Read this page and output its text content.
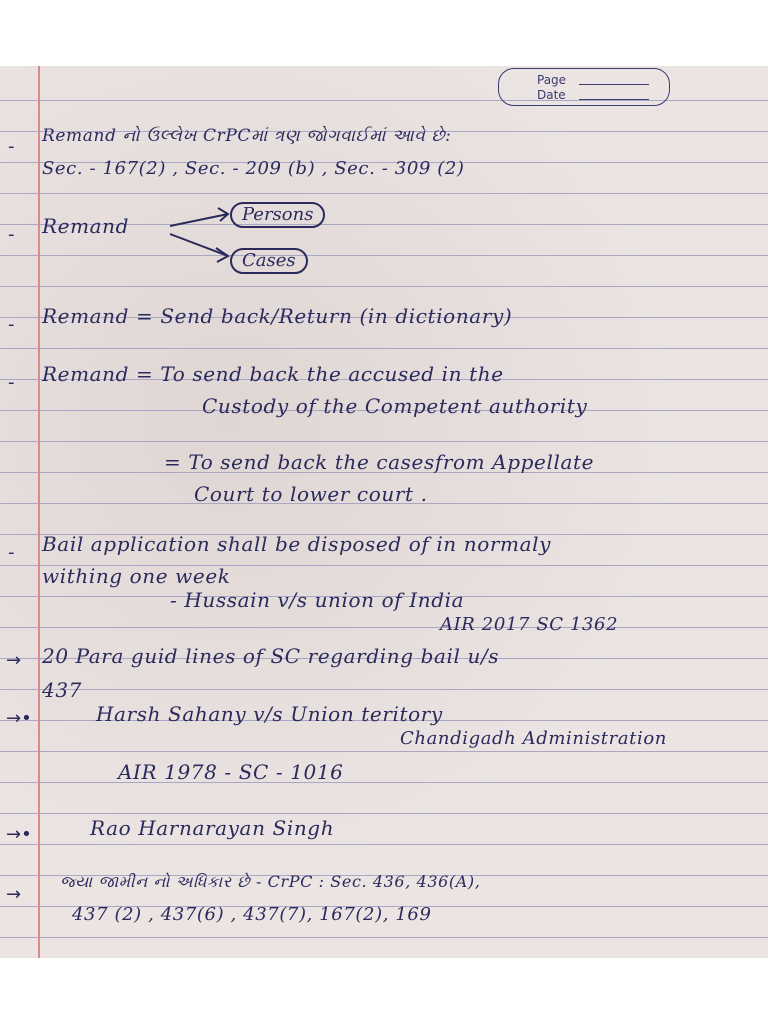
Page
Date
- Remand નો ઉલ્લેખ CrPCમાં ત્રણ જોગવાઈમાં આવે છે:
Sec. - 167(2) , Sec. - 209 (b) , Sec. - 309 (2)
- Remand	Persons
Cases
- Remand = Send back/Return (in dictionary)
- Remand = To send back the accused in the
Custody of the Competent authority
= To send back the casesfrom Appellate
Court to lower court .
- Bail application shall be disposed of in normaly
withing one week
- Hussain v/s union of India
AIR 2017 SC 1362
→ 20 Para guid lines of SC regarding bail u/s
437
→•	Harsh Sahany v/s Union teritory
Chandigadh Administration
AIR 1978 - SC - 1016
→•	Rao Harnarayan Singh
→
જ્યા જામીન નો અધિકાર છે - CrPC : Sec. 436, 436(A),
437 (2) , 437(6) , 437(7), 167(2), 169
